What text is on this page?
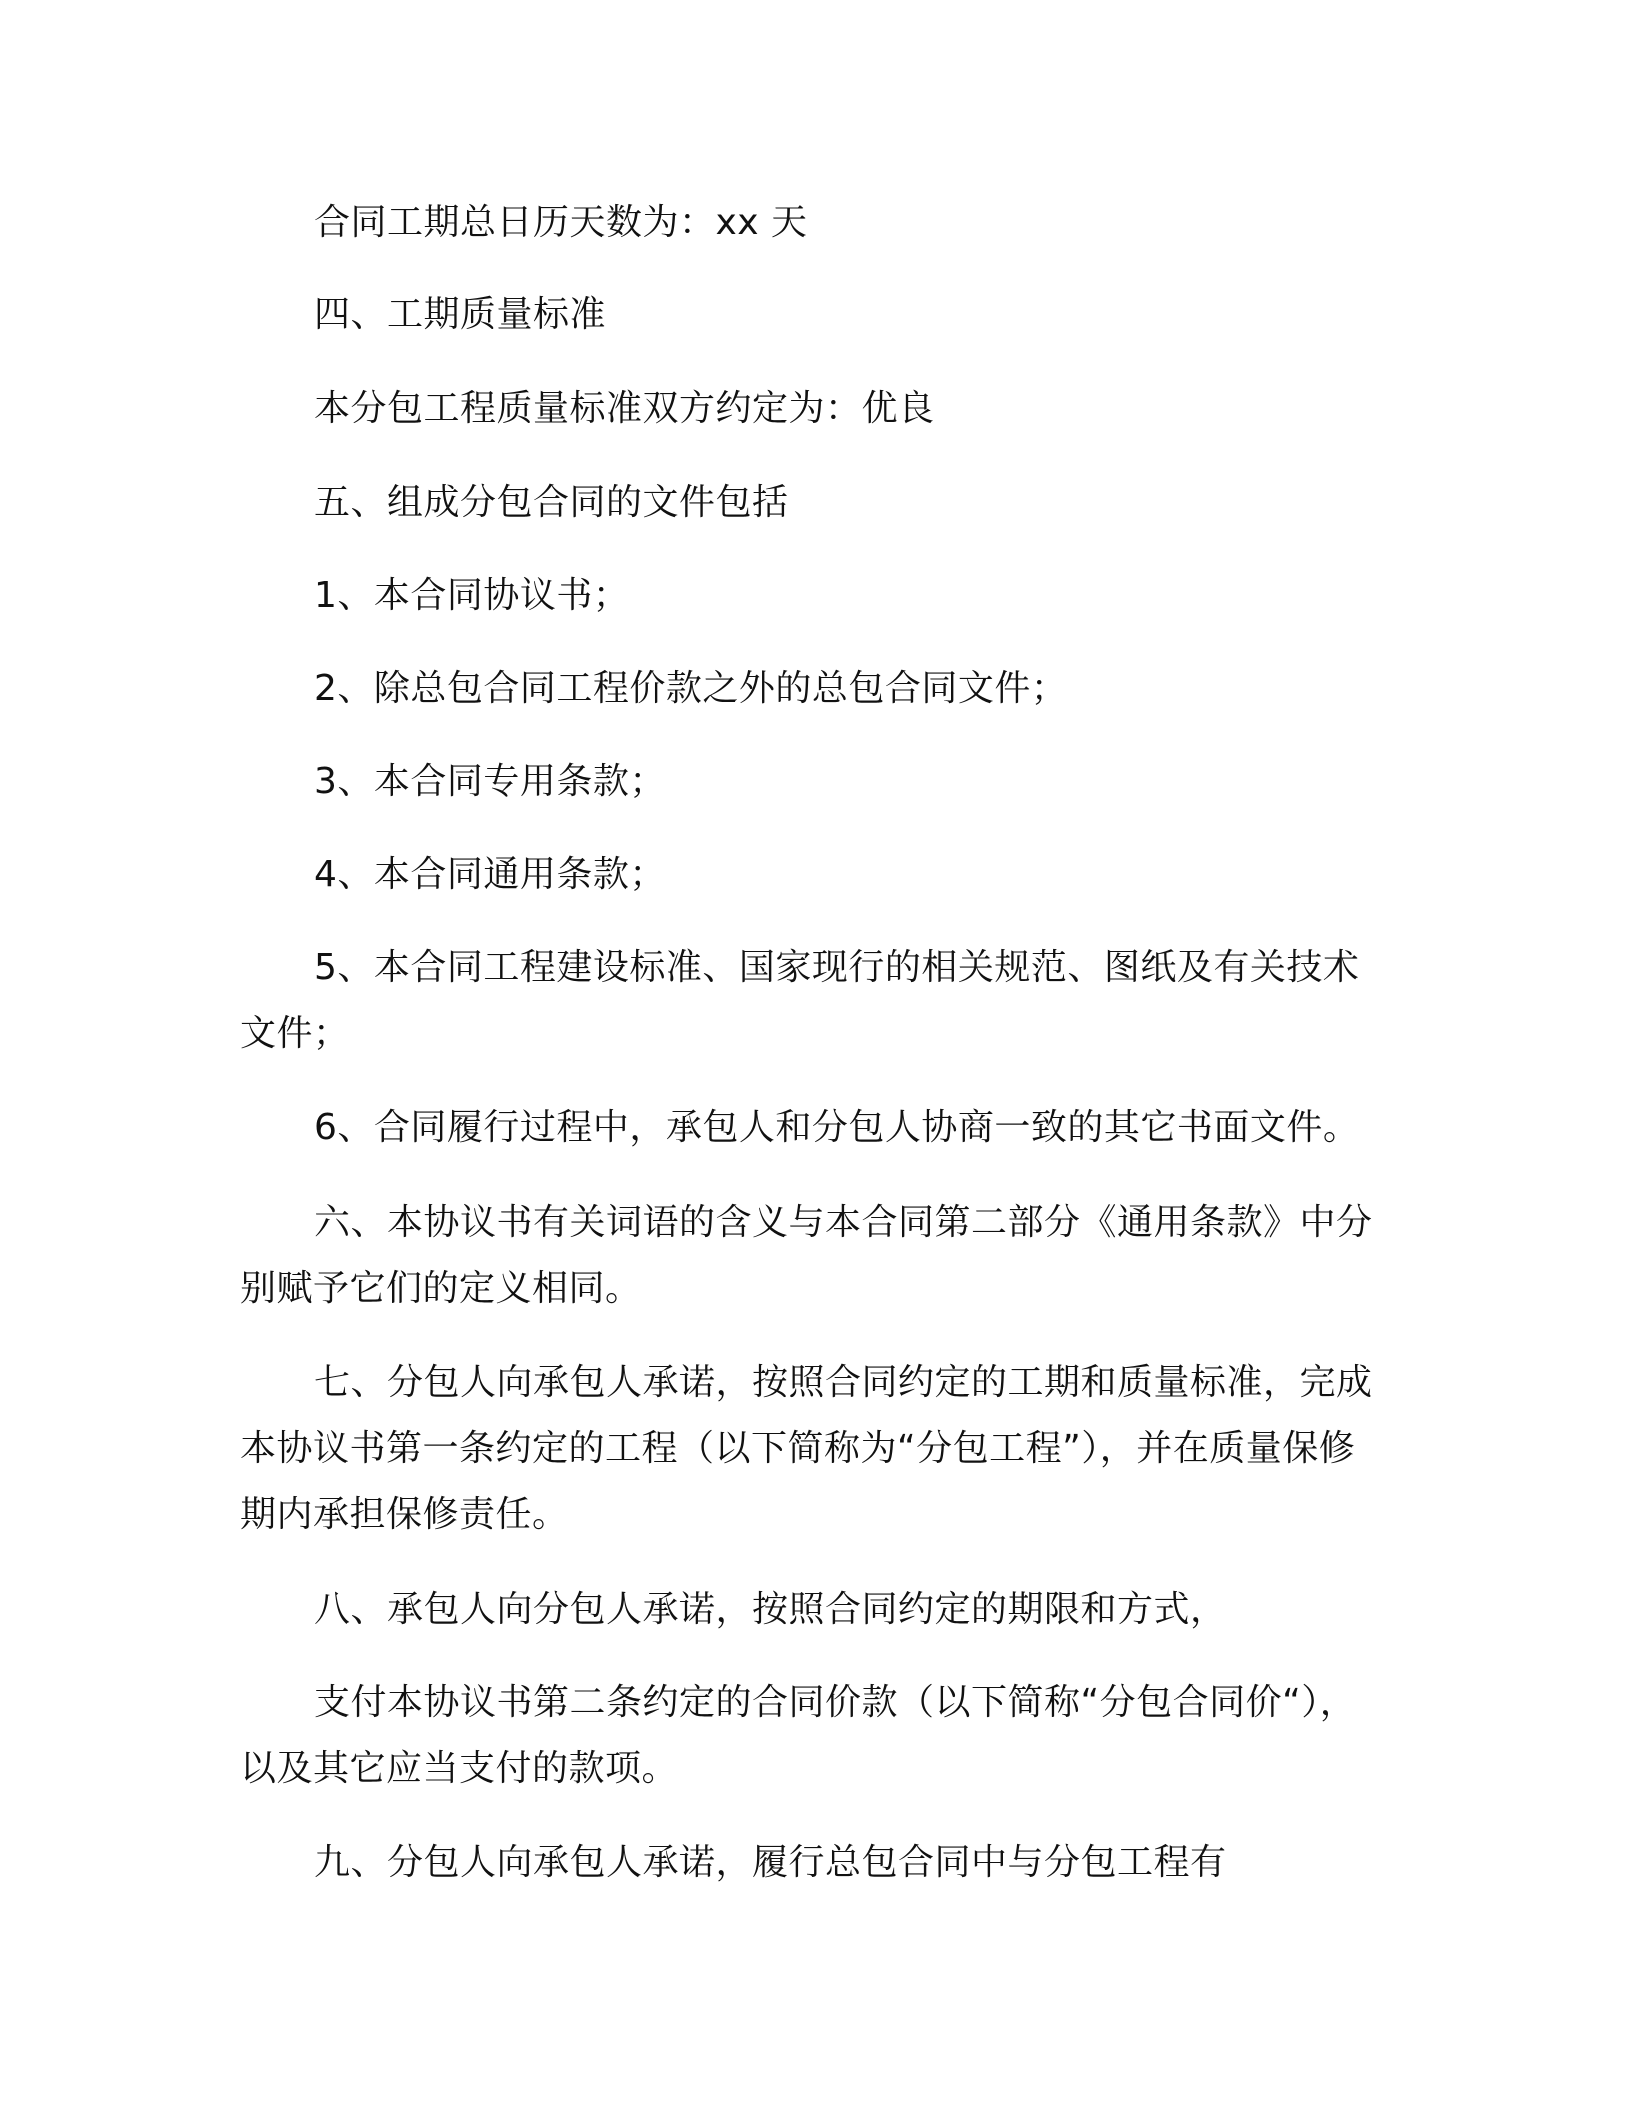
合同工期总日历天数为：xx 天

四、工期质量标准

本分包工程质量标准双方约定为：优良

五、组成分包合同的文件包括

1、本合同协议书；

2、除总包合同工程价款之外的总包合同文件；

3、本合同专用条款；

4、本合同通用条款；

5、本合同工程建设标准、国家现行的相关规范、图纸及有关技术文件；

6、合同履行过程中，承包人和分包人协商一致的其它书面文件。

六、本协议书有关词语的含义与本合同第二部分《通用条款》中分别赋予它们的定义相同。

七、分包人向承包人承诺，按照合同约定的工期和质量标准，完成本协议书第一条约定的工程（以下简称为“分包工程”），并在质量保修期内承担保修责任。

八、承包人向分包人承诺，按照合同约定的期限和方式，

支付本协议书第二条约定的合同价款（以下简称“分包合同价“），以及其它应当支付的款项。

九、分包人向承包人承诺，履行总包合同中与分包工程有
